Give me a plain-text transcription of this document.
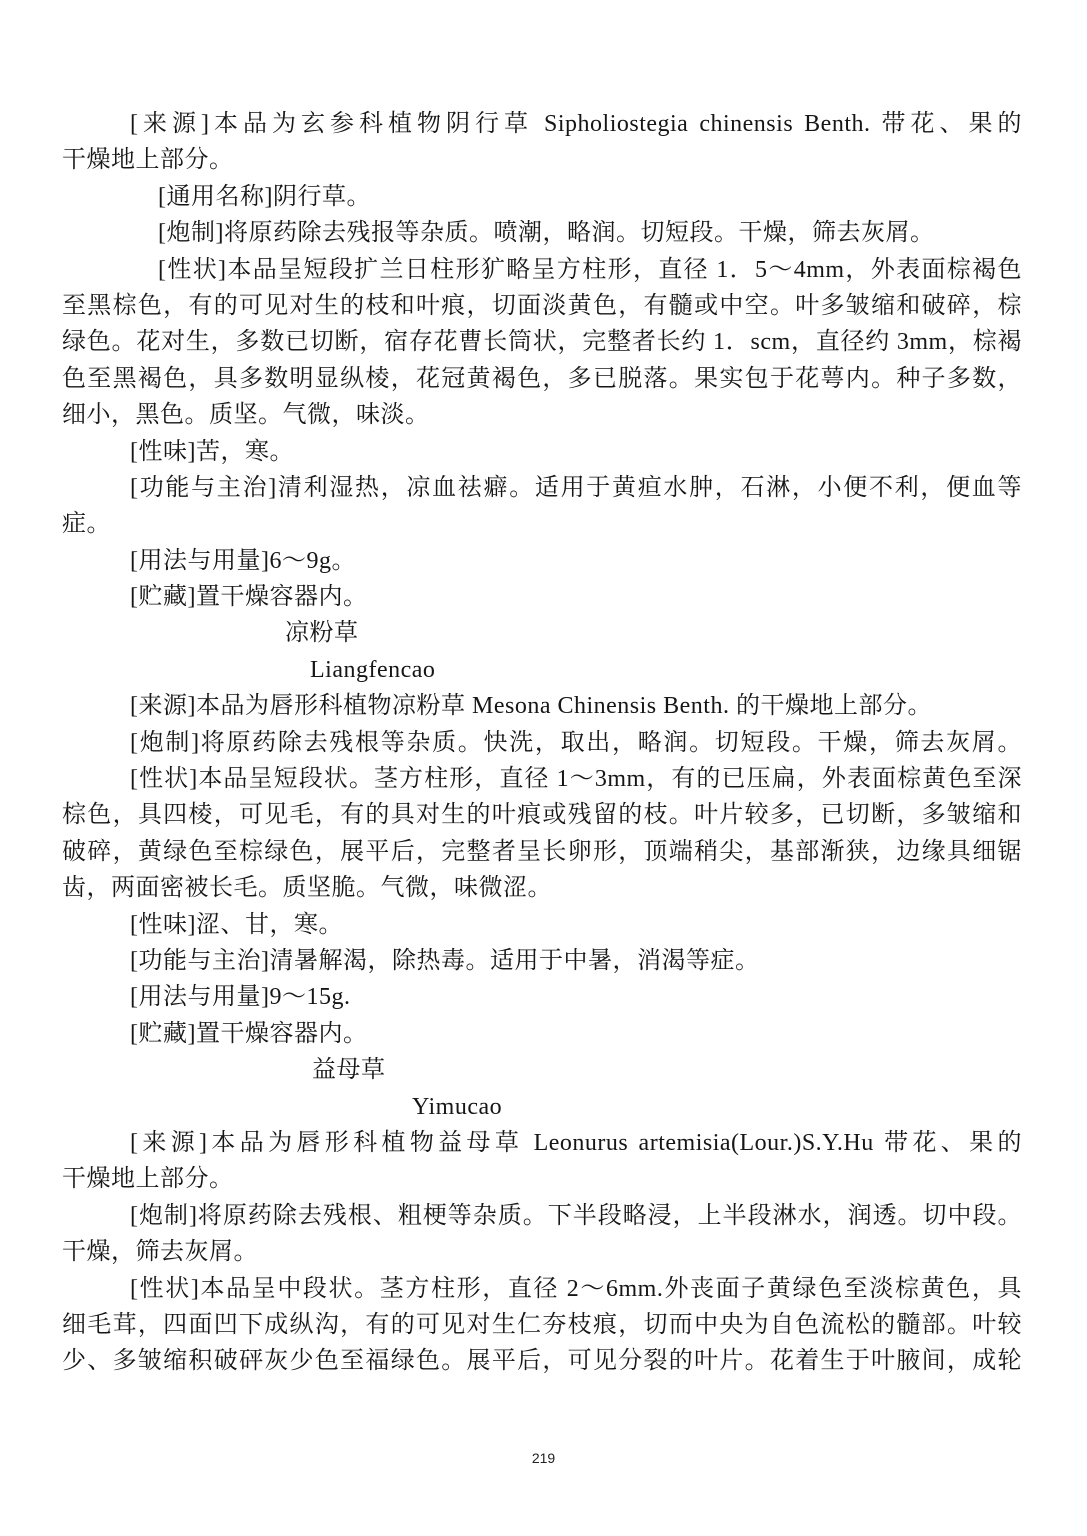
[来源]本品为玄参科植物阴行草 Sipholiostegia chinensis Benth. 带花、果的
干燥地上部分。
[通用名称]阴行草。
[炮制]将原药除去残报等杂质。喷潮，略润。切短段。干燥，筛去灰屑。
[性状]本品呈短段扩兰日柱形犷略呈方柱形，直径 1．5～4mm，外表面棕褐色
至黑棕色，有的可见对生的枝和叶痕，切面淡黄色，有髓或中空。叶多皱缩和破碎，棕
绿色。花对生，多数已切断，宿存花曹长筒状，完整者长约 1．scm，直径约 3mm，棕褐
色至黑褐色，具多数明显纵棱，花冠黄褐色，多已脱落。果实包于花萼内。种子多数，
细小，黑色。质坚。气微，味淡。
[性味]苦，寒。
[功能与主治]清利湿热，凉血祛癖。适用于黄疸水肿，石淋，小便不利，便血等
症。
[用法与用量]6～9g。
[贮藏]置干燥容器内。
凉粉草
Liangfencao
[来源]本品为唇形科植物凉粉草 Mesona Chinensis Benth. 的干燥地上部分。
[炮制]将原药除去残根等杂质。快洗，取出，略润。切短段。干燥，筛去灰屑。
[性状]本品呈短段状。茎方柱形，直径 1～3mm，有的已压扁，外表面棕黄色至深
棕色，具四棱，可见毛，有的具对生的叶痕或残留的枝。叶片较多，已切断，多皱缩和
破碎，黄绿色至棕绿色，展平后，完整者呈长卵形，顶端稍尖，基部渐狭，边缘具细锯
齿，两面密被长毛。质坚脆。气微，味微涩。
[性味]涩、甘，寒。
[功能与主治]清暑解渴，除热毒。适用于中暑，消渴等症。
[用法与用量]9～15g.
[贮藏]置干燥容器内。
益母草
Yimucao
[来源]本品为唇形科植物益母草 Leonurus artemisia(Lour.)S.Y.Hu 带花、果的
干燥地上部分。
[炮制]将原药除去残根、粗梗等杂质。下半段略浸，上半段淋水，润透。切中段。
干燥，筛去灰屑。
[性状]本品呈中段状。茎方柱形，直径 2～6mm.外丧面子黄绿色至淡棕黄色，具
细毛茸，四面凹下成纵沟，有的可见对生仁夯枝痕，切而中央为自色流松的髓部。叶较
少、多皱缩积破砰灰少色至福绿色。展平后，可见分裂的叶片。花着生于叶腋间，成轮
219
